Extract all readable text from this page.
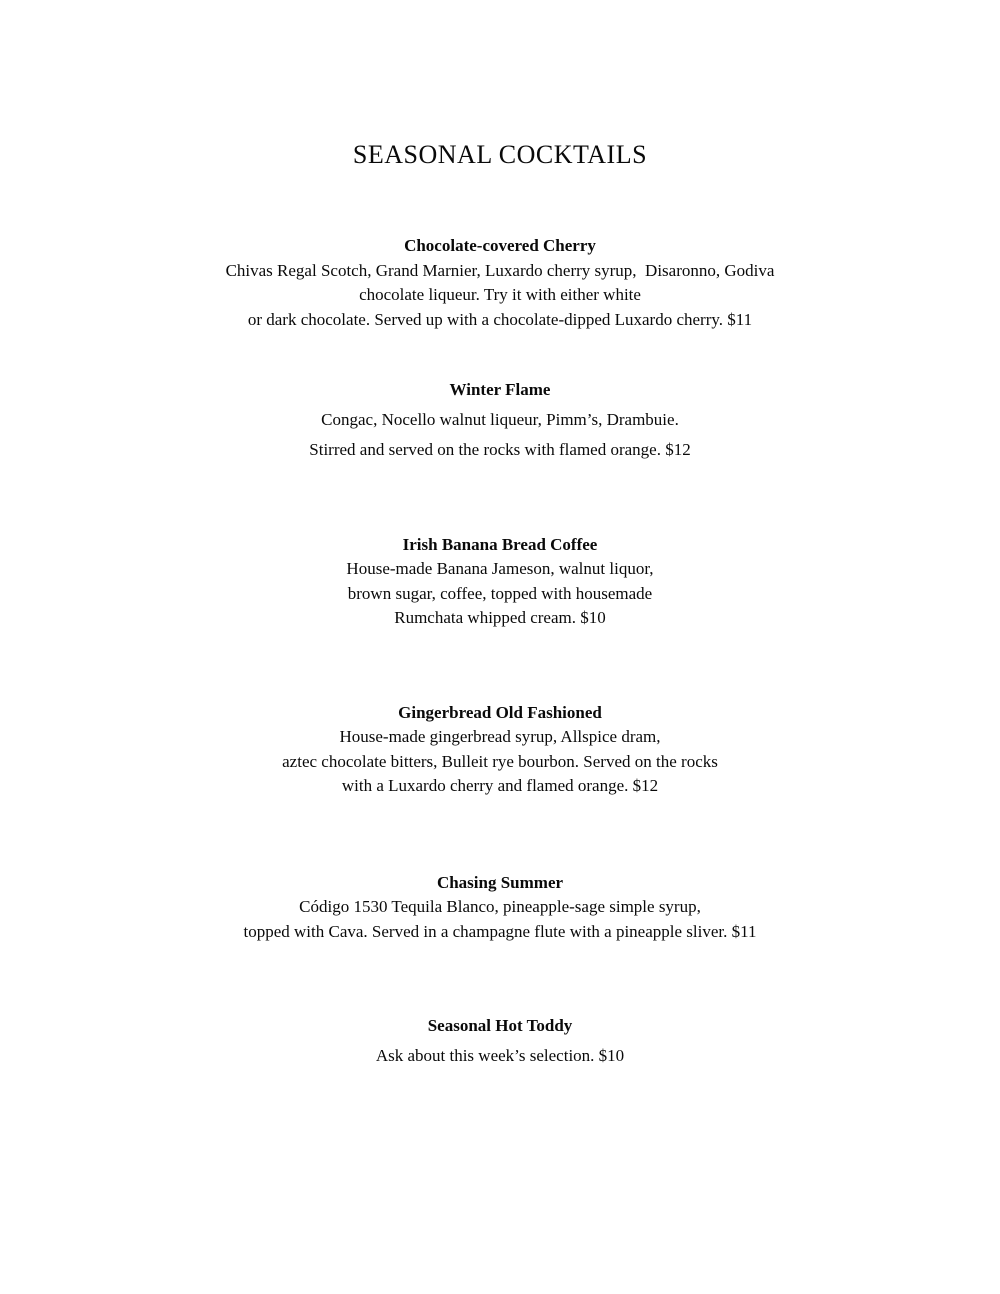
SEASONAL COCKTAILS
Chocolate-covered Cherry

Chivas Regal Scotch, Grand Marnier, Luxardo cherry syrup,  Disaronno, Godiva

chocolate liqueur. Try it with either white

or dark chocolate. Served up with a chocolate-dipped Luxardo cherry. $11

Winter Flame

Congac, Nocello walnut liqueur, Pimm’s, Drambuie.

Stirred and served on the rocks with flamed orange. $12

Irish Banana Bread Coffee

House-made Banana Jameson, walnut liquor,

brown sugar, coffee, topped with housemade

Rumchata whipped cream. $10

Gingerbread Old Fashioned

House-made gingerbread syrup, Allspice dram,

aztec chocolate bitters, Bulleit rye bourbon. Served on the rocks

with a Luxardo cherry and flamed orange. $12

Chasing Summer

Código 1530 Tequila Blanco, pineapple-sage simple syrup,

topped with Cava. Served in a champagne flute with a pineapple sliver. $11

Seasonal Hot Toddy

Ask about this week’s selection. $10
